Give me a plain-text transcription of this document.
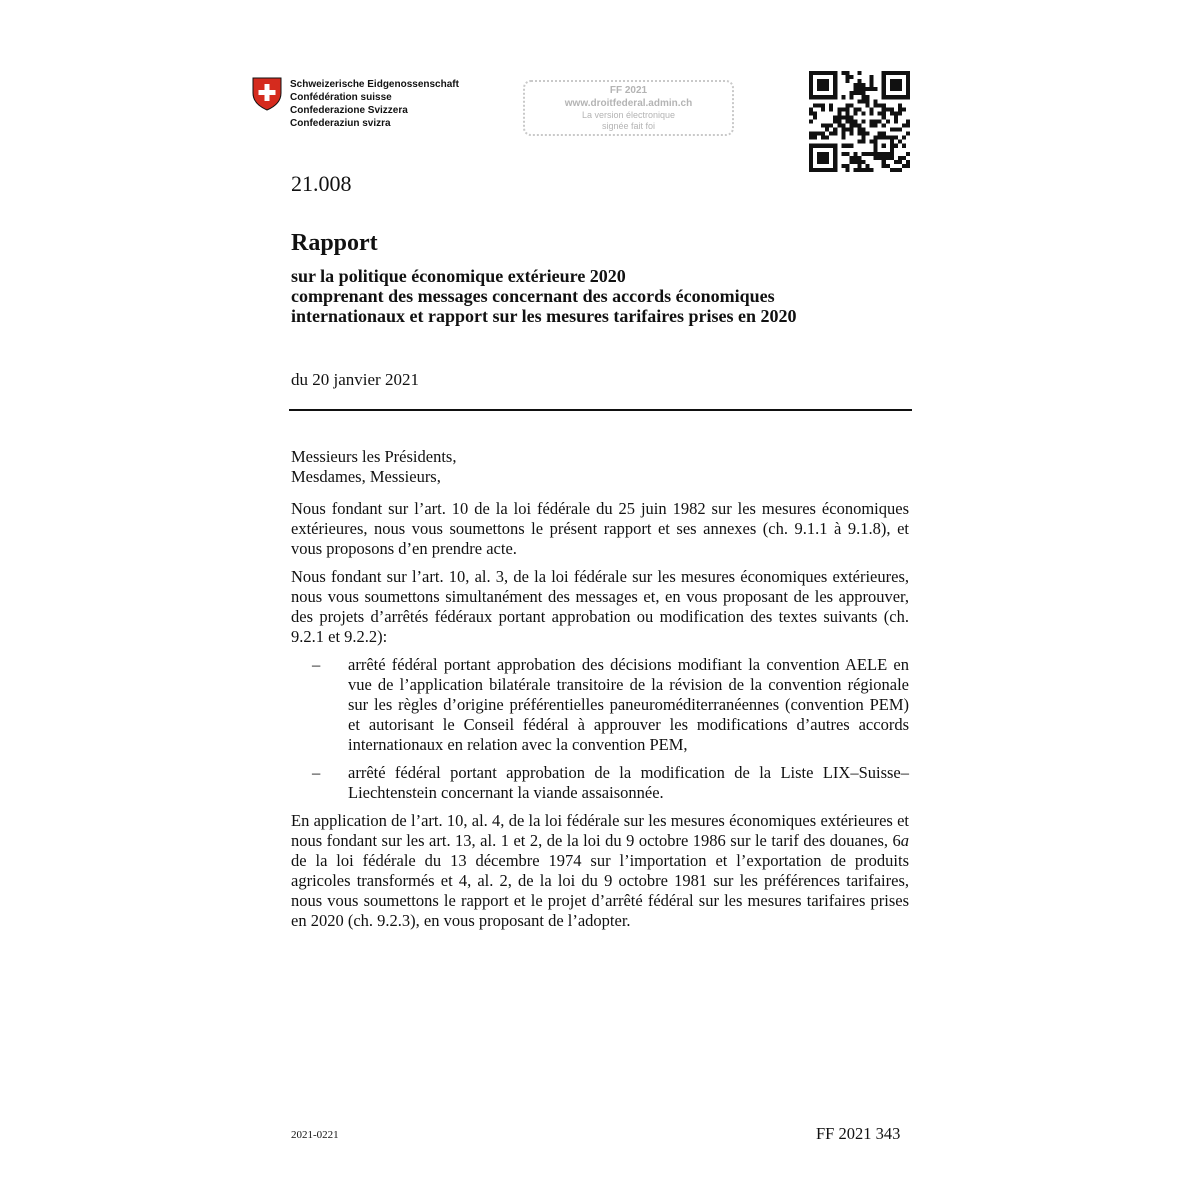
Schweizerische Eidgenossenschaft
Confédération suisse
Confederazione Svizzera
Confederaziun svizra
FF 2021
www.droitfederal.admin.ch
La version électronique
signée fait foi
21.008
Rapport
sur la politique économique extérieure 2020
comprenant des messages concernant des accords économiques
internationaux et rapport sur les mesures tarifaires prises en 2020
du 20 janvier 2021
Messieurs les Présidents,
Mesdames, Messieurs,

Nous fondant sur l’art. 10 de la loi fédérale du 25 juin 1982 sur les mesures économiques extérieures, nous vous soumettons le présent rapport et ses annexes (ch. 9.1.1 à 9.1.8), et vous proposons d’en prendre acte.

Nous fondant sur l’art. 10, al. 3, de la loi fédérale sur les mesures économiques extérieures, nous vous soumettons simultanément des messages et, en vous proposant de les approuver, des projets d’arrêtés fédéraux portant approbation ou modification des textes suivants (ch. 9.2.1 et 9.2.2):

– arrêté fédéral portant approbation des décisions modifiant la convention AELE en vue de l’application bilatérale transitoire de la révision de la convention régionale sur les règles d’origine préférentielles paneuroméditerranéennes (convention PEM) et autorisant le Conseil fédéral à approuver les modifications d’autres accords internationaux en relation avec la convention PEM,
– arrêté fédéral portant approbation de la modification de la Liste LIX–Suisse–Liechtenstein concernant la viande assaisonnée.

En application de l’art. 10, al. 4, de la loi fédérale sur les mesures économiques extérieures et nous fondant sur les art. 13, al. 1 et 2, de la loi du 9 octobre 1986 sur le tarif des douanes, 6a de la loi fédérale du 13 décembre 1974 sur l’importation et l’exportation de produits agricoles transformés et 4, al. 2, de la loi du 9 octobre 1981 sur les préférences tarifaires, nous vous soumettons le rapport et le projet d’arrêté fédéral sur les mesures tarifaires prises en 2020 (ch. 9.2.3), en vous proposant de l’adopter.

2021-0221	FF 2021 343
